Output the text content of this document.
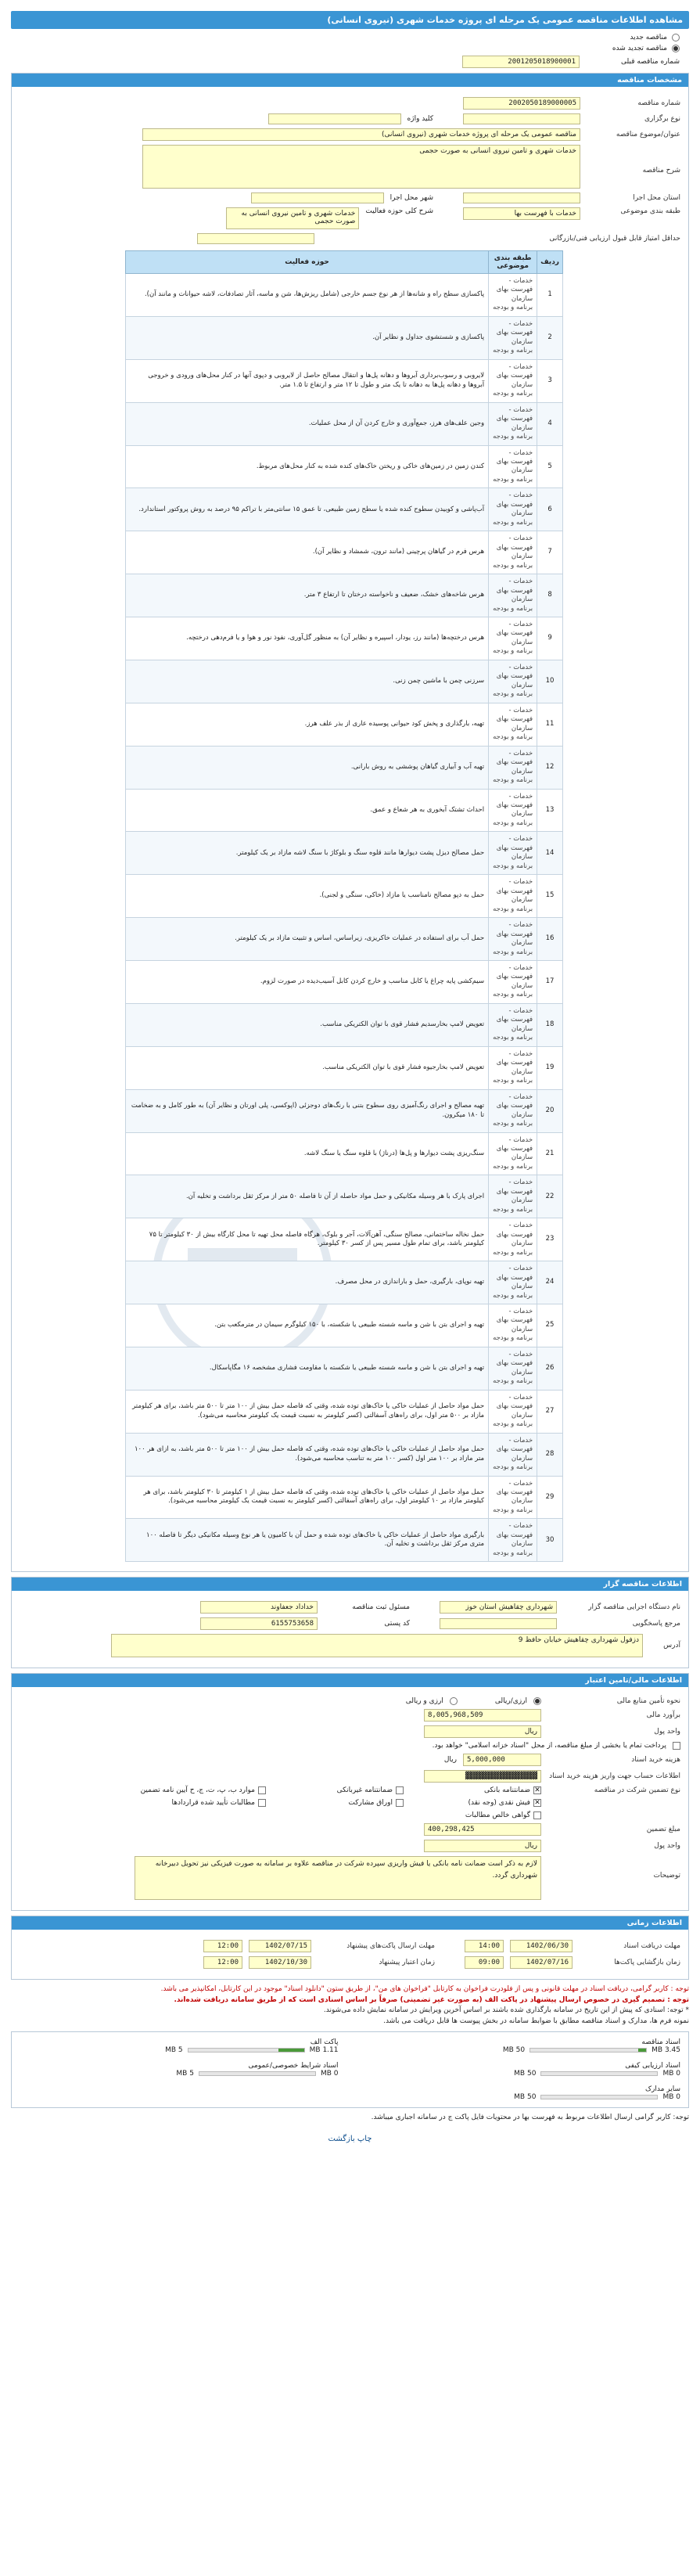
مشاهده اطلاعات مناقصه عمومی یک مرحله ای پروژه خدمات شهری (نیروی انسانی)
مناقصه جدید
مناقصه تجدید شده
شماره مناقصه قبلی
2001205018900001
مشخصات مناقصه
شماره مناقصه
2002050189000005
نوع برگزاری
کلید واژه
عنوان/موضوع مناقصه
مناقصه عمومی یک مرحله ای پروژه خدمات شهری (نیروی انسانی)
شرح مناقصه
خدمات شهری و تامین نیروی انسانی به صورت حجمی
استان محل اجرا
شهر محل اجرا
طبقه بندی موضوعی
خدمات با فهرست بها
شرح کلی حوزه فعالیت
خدمات شهری و تامین نیروی انسانی به صورت حجمی
حداقل امتیاز قابل قبول ارزیابی فنی/بازرگانی
ردیف	طبقه بندی موضوعی	حوزه فعالیت
1	خدمات - فهرست بهای سازمان برنامه و بودجه	پاکسازی سطح راه و شانه‌ها از هر نوع جسم خارجی (شامل ریزش‌ها، شن و ماسه، آثار تصادفات، لاشه حیوانات و مانند آن).
2	خدمات - فهرست بهای سازمان برنامه و بودجه	پاکسازی و شستشوی جداول و نظایر آن.
3	خدمات - فهرست بهای سازمان برنامه و بودجه	لایروبی و رسوب‌برداری آبروها و دهانه پل‌ها و انتقال مصالح حاصل از لایروبی و دپوی آنها در کنار محل‌های ورودی و خروجی آبروها و دهانه پل‌ها به دهانه تا یک متر و طول تا ۱۲ متر و ارتفاع تا ۱.۵ متر.
4	خدمات - فهرست بهای سازمان برنامه و بودجه	وجین علف‌های هرز، جمع‌آوری و خارج کردن آن از محل عملیات.
5	خدمات - فهرست بهای سازمان برنامه و بودجه	کندن زمین در زمین‌های خاکی و ریختن خاک‌های کنده شده به کنار محل‌های مربوط.
6	خدمات - فهرست بهای سازمان برنامه و بودجه	آب‌پاشی و کوبیدن سطوح کنده شده یا سطح زمین طبیعی، تا عمق ۱۵ سانتی‌متر با تراکم ۹۵ درصد به روش پروکتور استاندارد.
7	خدمات - فهرست بهای سازمان برنامه و بودجه	هرس فرم در گیاهان پرچینی (مانند ترون، شمشاد و نظایر آن).
8	خدمات - فهرست بهای سازمان برنامه و بودجه	هرس شاخه‌های خشک، ضعیف و ناخواسته درختان تا ارتفاع ۳ متر.
9	خدمات - فهرست بهای سازمان برنامه و بودجه	هرس درختچه‌ها (مانند رز، یودار، اسپیره و نظایر آن) به منظور گل‌آوری، نفوذ نور و هوا و یا فرم‌دهی درختچه.
10	خدمات - فهرست بهای سازمان برنامه و بودجه	سرزنی چمن با ماشین چمن زنی.
11	خدمات - فهرست بهای سازمان برنامه و بودجه	تهیه، بارگذاری و پخش کود حیوانی پوسیده عاری از بذر علف هرز.
12	خدمات - فهرست بهای سازمان برنامه و بودجه	تهیه آب و آبیاری گیاهان پوششی به روش بارانی.
13	خدمات - فهرست بهای سازمان برنامه و بودجه	احداث تشتک آبخوری به هر شعاع و عمق.
14	خدمات - فهرست بهای سازمان برنامه و بودجه	حمل مصالح دیزل پشت دیوارها مانند قلوه سنگ و بلوکاژ با سنگ لاشه مازاد بر یک کیلومتر.
15	خدمات - فهرست بهای سازمان برنامه و بودجه	حمل به دپو مصالح نامناسب یا مازاد (خاکی، سنگی و لجنی).
16	خدمات - فهرست بهای سازمان برنامه و بودجه	حمل آب برای استفاده در عملیات خاکریزی، زیراساس، اساس و تثبیت مازاد بر یک کیلومتر.
17	خدمات - فهرست بهای سازمان برنامه و بودجه	سیم‌کشی پایه چراغ یا کابل مناسب و خارج کردن کابل آسیب‌دیده در صورت لزوم.
18	خدمات - فهرست بهای سازمان برنامه و بودجه	تعویض لامپ بخارسدیم فشار قوی با توان الکتریکی مناسب.
19	خدمات - فهرست بهای سازمان برنامه و بودجه	تعویض لامپ بخارجیوه فشار قوی با توان الکتریکی مناسب.
20	خدمات - فهرست بهای سازمان برنامه و بودجه	تهیه مصالح و اجرای رنگ‌آمیزی روی سطوح بتنی با رنگ‌های دوجزئی (اپوکسی، پلی اورتان و نظایر آن) به طور کامل و به ضخامت تا ۱۸۰ میکرون.
21	خدمات - فهرست بهای سازمان برنامه و بودجه	سنگ‌ریزی پشت دیوارها و پل‌ها (درناژ) با قلوه سنگ یا سنگ لاشه.
22	خدمات - فهرست بهای سازمان برنامه و بودجه	اجرای پارک با هر وسیله مکانیکی و حمل مواد حاصله از آن تا فاصله ۵۰ متر از مرکز ثقل برداشت و تخلیه آن.
23	خدمات - فهرست بهای سازمان برنامه و بودجه	حمل نخاله ساختمانی، مصالح سنگی، آهن‌آلات، آجر و بلوک، هرگاه فاصله محل تهیه تا محل کارگاه بیش از ۳۰ کیلومتر تا ۷۵ کیلومتر باشد، برای تمام طول مسیر پس از کسر ۳۰ کیلومتر.
24	خدمات - فهرست بهای سازمان برنامه و بودجه	تهیه نوپای، بارگیری، حمل و باراندازی در محل مصرف.
25	خدمات - فهرست بهای سازمان برنامه و بودجه	تهیه و اجرای بتن با شن و ماسه شسته طبیعی یا شکسته، با ۱۵۰ کیلوگرم سیمان در مترمکعب بتن.
26	خدمات - فهرست بهای سازمان برنامه و بودجه	تهیه و اجرای بتن با شن و ماسه شسته طبیعی یا شکسته با مقاومت فشاری مشخصه ۱۶ مگاپاسکال.
27	خدمات - فهرست بهای سازمان برنامه و بودجه	حمل مواد حاصل از عملیات خاکی یا خاک‌های توده شده، وقتی که فاصله حمل بیش از ۱۰۰ متر تا ۵۰۰ متر باشد، برای هر کیلومتر مازاد بر ۵۰۰ متر اول، برای راه‌های آسفالتی (کسر کیلومتر به نسبت قیمت یک کیلومتر محاسبه می‌شود).
28	خدمات - فهرست بهای سازمان برنامه و بودجه	حمل مواد حاصل از عملیات خاکی یا خاک‌های توده شده، وقتی که فاصله حمل بیش از ۱۰۰ متر تا ۵۰۰ متر باشد، به ازای هر ۱۰۰ متر مازاد بر ۱۰۰ متر اول (کسر ۱۰۰ متر به تناسب محاسبه می‌شود).
29	خدمات - فهرست بهای سازمان برنامه و بودجه	حمل مواد حاصل از عملیات خاکی یا خاک‌های توده شده، وقتی که فاصله حمل بیش از ۱ کیلومتر تا ۳۰ کیلومتر باشد، برای هر کیلومتر مازاد بر ۱۰ کیلومتر اول، برای راه‌های آسفالتی (کسر کیلومتر به نسبت قیمت یک کیلومتر محاسبه می‌شود).
30	خدمات - فهرست بهای سازمان برنامه و بودجه	بارگیری مواد حاصل از عملیات خاکی یا خاک‌های توده شده و حمل آن با کامیون یا هر نوع وسیله مکانیکی دیگر تا فاصله ۱۰۰ متری مرکز ثقل برداشت و تخلیه آن.
اطلاعات مناقصه گزار
نام دستگاه اجرایی مناقصه گزار
شهرداری چقاهیش استان خوز
مسئول ثبت مناقصه
خداداد جعفاوند
مرجع پاسخگویی
کد پستی
6155753658
آدرس
دزفول شهرداری چقاهیش خیابان حافظ 9
اطلاعات مالی/تامین اعتبار
نحوه تأمین منابع مالی
ارزی/ریالی
ارزی و ریالی
برآورد مالی
8,005,968,509
واحد پول
ریال
پرداخت تمام یا بخشی از مبلغ مناقصه، از محل "اسناد خزانه اسلامی" خواهد بود.
هزینه خرید اسناد
5,000,000
ریال
اطلاعات حساب جهت واریز هزینه خرید اسناد
▓▓▓▓▓▓▓▓▓▓▓▓▓▓▓▓▓
نوع تضمین شرکت در مناقصه
✕
ضمانتنامه بانکی
ضمانتنامه غیربانکی
موارد ب، پ، ت، ج، ح آیین نامه تضمین
✕
فیش نقدی (وجه نقد)
اوراق مشارکت
مطالبات تأیید شده قراردادها
گواهی خالص مطالبات
مبلغ تضمین
400,298,425
واحد پول
ریال
توضیحات
لازم به ذکر است ضمانت نامه بانکی یا فیش واریزی سپرده شرکت در مناقصه علاوه بر سامانه به صورت فیزیکی نیز تحویل دبیرخانه شهرداری گردد.
اطلاعات زمانی
مهلت دریافت اسناد
1402/06/30
14:00
مهلت ارسال پاکت‌های پیشنهاد
1402/07/15
12:00
زمان بازگشایی پاکت‌ها
1402/07/16
09:00
زمان اعتبار پیشنهاد
1402/10/30
12:00
توجه : کاربر گرامی، دریافت اسناد در مهلت قانونی و پس از فلودرت فراخوان به کارتابل "فراخوان های من"، از طریق ستون "دانلود اسناد" موجود در این کارتابل، امکانپذیر می باشد.
توجه : تصمیم گیری در خصوص ارسال پیشنهاد در پاکت الف (به صورت غیر تضمینی) صرفاً بر اساس اسنادی است که از طریق سامانه دریافت شده‌اند.
* توجه: اسنادی که پیش از این تاریخ در سامانه بارگذاری شده باشند بر اساس آخرین ویرایش در سامانه نمایش داده می‌شوند.
نمونه فرم ها، مدارک و اسناد مناقصه مطابق با ضوابط سامانه در بخش پیوست ها قابل دریافت می باشد.
اسناد مناقصه
3.45 MB
50 MB
پاکت الف
1.11 MB
5 MB
اسناد ارزیابی کیفی
0 MB
50 MB
اسناد شرایط خصوصی/عمومی
0 MB
5 MB
سایر مدارک
0 MB
50 MB
توجه: کاربر گرامی ارسال اطلاعات مربوط به فهرست بها در محتویات فایل پاکت ج در سامانه اجباری میباشد.
چاپ بازگشت
